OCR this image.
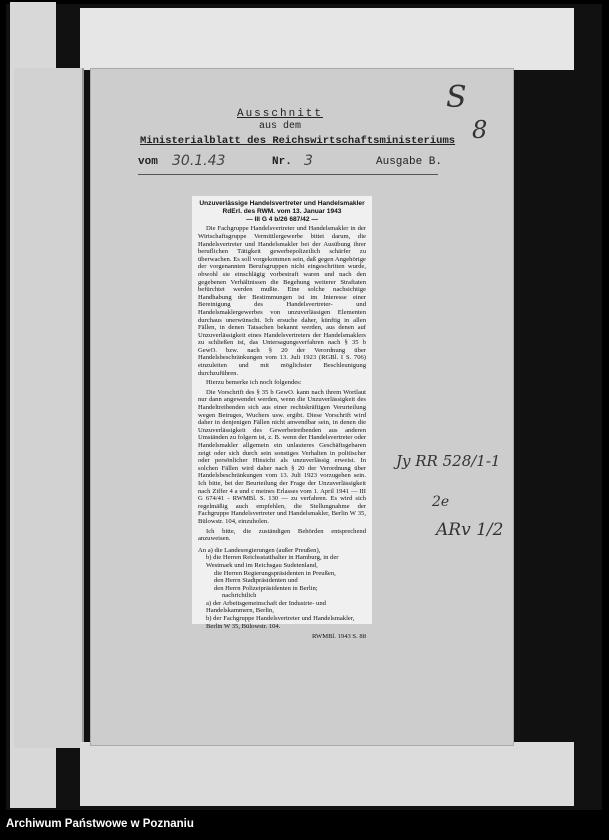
Ausschnitt
aus dem
Ministerialblatt des Reichswirtschaftsministeriums
vom 30.1.43	Nr. 3	Ausgabe B.
S
8
Jy RR 528/1-1
2e
ARv 1/2
Unzuverlässige Handelsvertreter und Handelsmakler
RdErl. des RWM. vom 13. Januar 1943
— III G 4 b/26 687/42 —

Die Fachgruppe Handelsvertreter und Handelsmakler in der Wirtschaftsgruppe Vermittlergewerbe bittet darum, die Handelsvertreter und Handelsmakler bei der Ausübung ihrer beruflichen Tätigkeit gewerbepolizeilich schärfer zu überwachen. Es soll vorgekommen sein, daß gegen Angehörige der vorgenannten Berufsgruppen nicht eingeschritten wurde, obwohl sie einschlägig vorbestraft waren und nach den gegebenen Verhältnissen die Begehung weiterer Straftaten befürchtet werden mußte. Eine solche nachsichtige Handhabung der Bestimmungen ist im Interesse einer Bereinigung des Handelsvertreter- und Handelsmaklergewerbes von unzuverlässigen Elementen durchaus unerwünscht. Ich ersuche daher, künftig in allen Fällen, in denen Tatsachen bekannt werden, aus denen auf Unzuverlässigkeit eines Handelsvertreters der Handelsmaklers zu schließen ist, das Untersagungsverfahren nach § 35 b GewO. bzw. nach § 20 der Verordnung über Handelsbeschränkungen vom 13. Juli 1923 (RGBl. I S. 706) einzuleiten und mit möglichster Beschleunigung durchzuführen.

Hierzu bemerke ich noch folgendes:

Die Vorschrift des § 35 b GewO. kann nach ihrem Wortlaut nur dann angewendet werden, wenn die Unzuverlässigkeit des Handeltreibenden sich aus einer rechtskräftigen Verurteilung wegen Betruges, Wuchers usw. ergibt. Diese Vorschrift wird daher in denjenigen Fällen nicht anwendbar sein, in denen die Unzuverlässigkeit des Gewerbetreibenden aus anderen Umständen zu folgern ist, z. B. wenn der Handelsvertreter oder Handelsmakler allgemein ein unlauteres Geschäftsgebaren zeigt oder sich durch sein sonstiges Verhalten in politischer oder persönlicher Hinsicht als unzuverlässig erweist. In solchen Fällen wird daher nach § 20 der Verordnung über Handelsbeschränkungen vom 13. Juli 1923 vorzugehen sein. Ich bitte, bei der Beurteilung der Frage der Unzuverlässigkeit nach Ziffer 4 a und c meines Erlasses vom 1. April 1941 — III G 674/41 - RWMBl. S. 130 — zu verfahren. Es wird sich regelmäßig auch empfehlen, die Stellungnahme der Fachgruppe Handelsvertreter und Handelsmakler, Berlin W 35, Bülowstr. 104, einzuholen.

Ich bitte, die zuständigen Behörden entsprechend anzuweisen.

An a) die Landesregierungen (außer Preußen),
b) die Herren Reichsstatthalter in Hamburg, in der Westmark und im Reichsgau Sudetenland,
die Herren Regierungspräsidenten in Preußen,
den Herrn Stadtpräsidenten und
den Herrn Polizeipräsidenten in Berlin;
nachrichtlich
a) der Arbeitsgemeinschaft der Industrie- und Handelskammern, Berlin,
b) der Fachgruppe Handelsvertreter und Handelsmakler, Berlin W 35, Bülowstr. 104.
RWMBl. 1943 S. 88
Archiwum Państwowe w Poznaniu
